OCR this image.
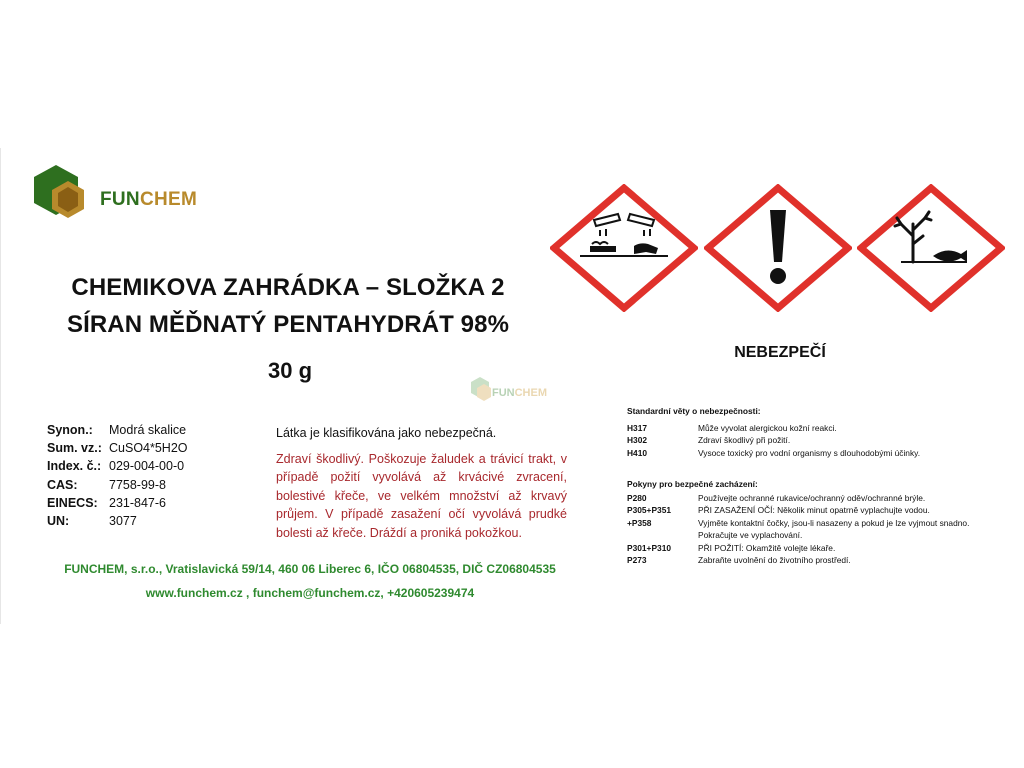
FUNCHEM
CHEMIKOVA ZAHRÁDKA – SLOŽKA 2
SÍRAN MĚĎNATÝ PENTAHYDRÁT 98%
30 g
FUNCHEM
Synon.:	Modrá skalice
Sum. vz.: CuSO4*5H2O
Index. č.: 029-004-00-0
CAS:	7758-99-8
EINECS: 231-847-6
UN:	3077
Látka je klasifikována jako nebezpečná.
Zdraví škodlivý. Poškozuje žaludek a trávicí trakt, v případě požití vyvolává až krvácivé zvracení, bolestivé křeče, ve velkém množství až krvavý průjem. V případě zasažení očí vyvolává prudké bolesti až křeče. Dráždí a proniká pokožkou.
FUNCHEM, s.r.o., Vratislavická 59/14, 460 06 Liberec 6, IČO 06804535, DIČ CZ06804535
www.funchem.cz , funchem@funchem.cz, +420605239474
NEBEZPEČÍ
Standardní věty o nebezpečnosti:
H317	Může vyvolat alergickou kožní reakci.
H302	Zdraví škodlivý při požití.
H410	Vysoce toxický pro vodní organismy s dlouhodobými účinky.
Pokyny pro bezpečné zacházení:
P280	Používejte ochranné rukavice/ochranný oděv/ochranné brýle.
P305+P351	PŘI ZASAŽENÍ OČÍ: Několik minut opatrně vyplachujte vodou.
+P358	Vyjměte kontaktní čočky, jsou-li nasazeny a pokud je lze vyjmout snadno. Pokračujte ve vyplachování.
P301+P310	PŘI POŽITÍ: Okamžitě volejte lékaře.
P273	Zabraňte uvolnění do životního prostředí.
